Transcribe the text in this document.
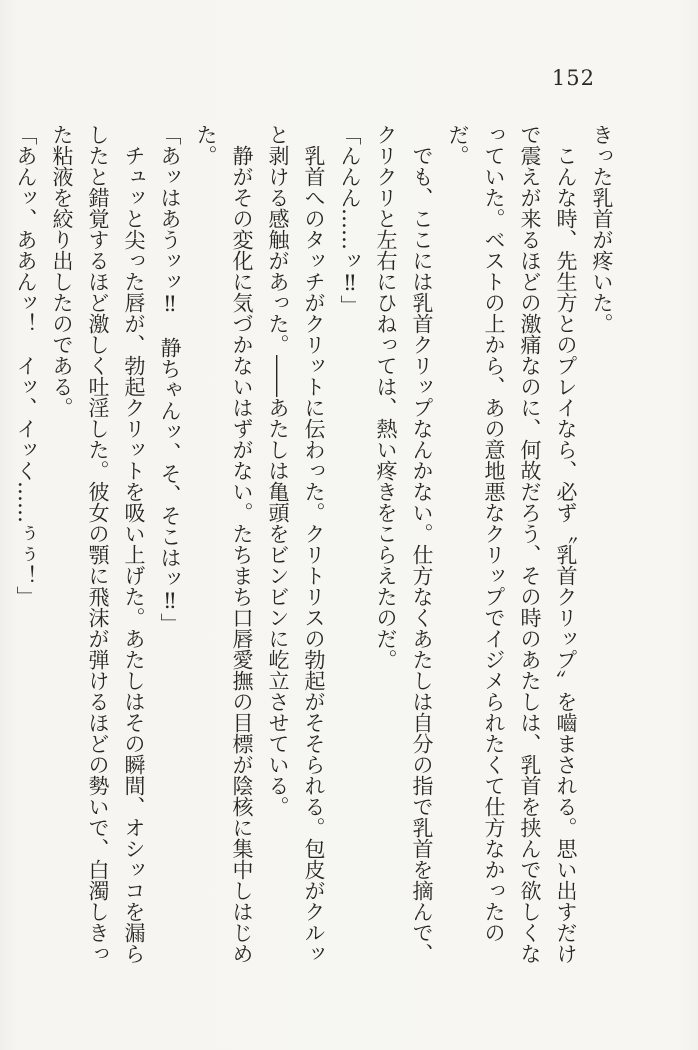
152

きった乳首が疼いた。

こんな時、先生方とのプレイなら、必ず〝乳首クリップ〟を嚙まされる。思い出すだけで震えが来るほどの激痛なのに、何故だろう、その時のあたしは、乳首を挟んで欲しくなっていた。ベストの上から、あの意地悪なクリップでイジメられたくて仕方なかったのだ。

でも、ここには乳首クリップなんかない。仕方なくあたしは自分の指で乳首を摘んで、クリクリと左右にひねっては、熱い疼きをこらえたのだ。

「んんん……ッ‼」

乳首へのタッチがクリットに伝わった。クリトリスの勃起がそそられる。包皮がクルッと剥ける感触があった。――あたしは亀頭をビンビンに屹立させている。

静がその変化に気づかないはずがない。たちまち口唇愛撫の目標が陰核に集中しはじめた。

「あッはあうッッ‼　静ちゃんッ、そ、そこはッ‼」

チュッと尖った唇が、勃起クリットを吸い上げた。あたしはその瞬間、オシッコを漏らしたと錯覚するほど激しく吐淫した。彼女の顎に飛沫が弾けるほどの勢いで、白濁しきった粘液を絞り出したのである。

「あんッ、ああんッ！　イッ、イッく……ぅぅ！」
